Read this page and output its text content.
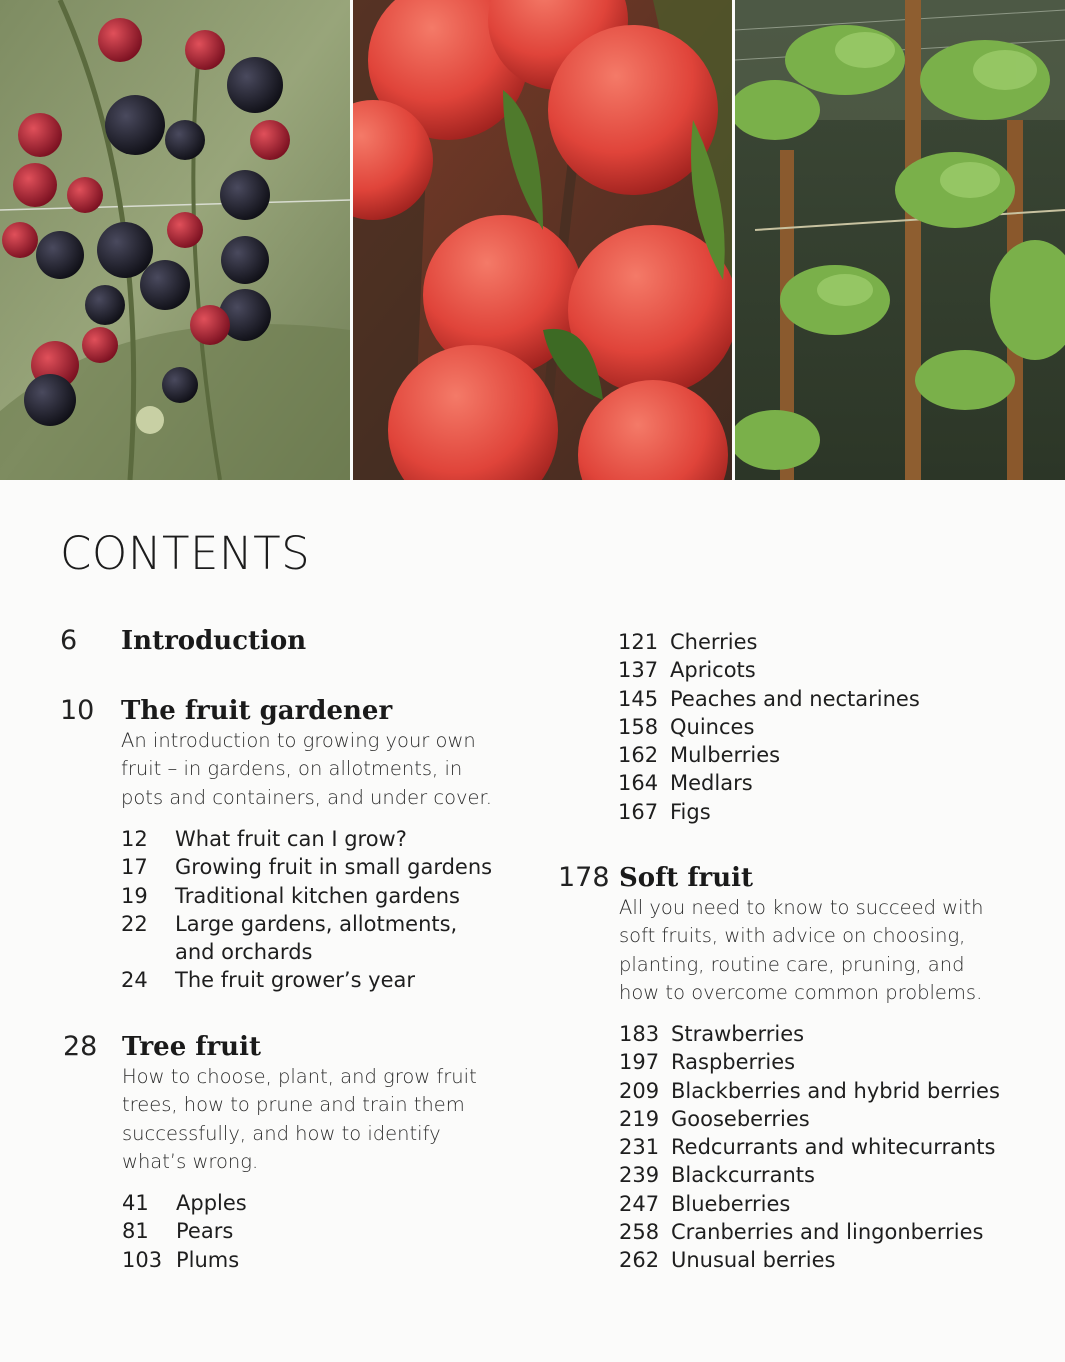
CONTENTS
6 Introduction
10 The fruit gardener
An introduction to growing your own
fruit – in gardens, on allotments, in
pots and containers, and under cover.
12 What fruit can I grow?
17 Growing fruit in small gardens
19 Traditional kitchen gardens
22 Large gardens, allotments,
and orchards
24 The fruit grower’s year
28 Tree fruit
How to choose, plant, and grow fruit
trees, how to prune and train them
successfully, and how to identify
what’s wrong.
41 Apples
81 Pears
103 Plums
121 Cherries
137 Apricots
145 Peaches and nectarines
158 Quinces
162 Mulberries
164 Medlars
167 Figs
178 Soft fruit
All you need to know to succeed with
soft fruits, with advice on choosing,
planting, routine care, pruning, and
how to overcome common problems.
183 Strawberries
197 Raspberries
209 Blackberries and hybrid berries
219 Gooseberries
231 Redcurrants and whitecurrants
239 Blackcurrants
247 Blueberries
258 Cranberries and lingonberries
262 Unusual berries
